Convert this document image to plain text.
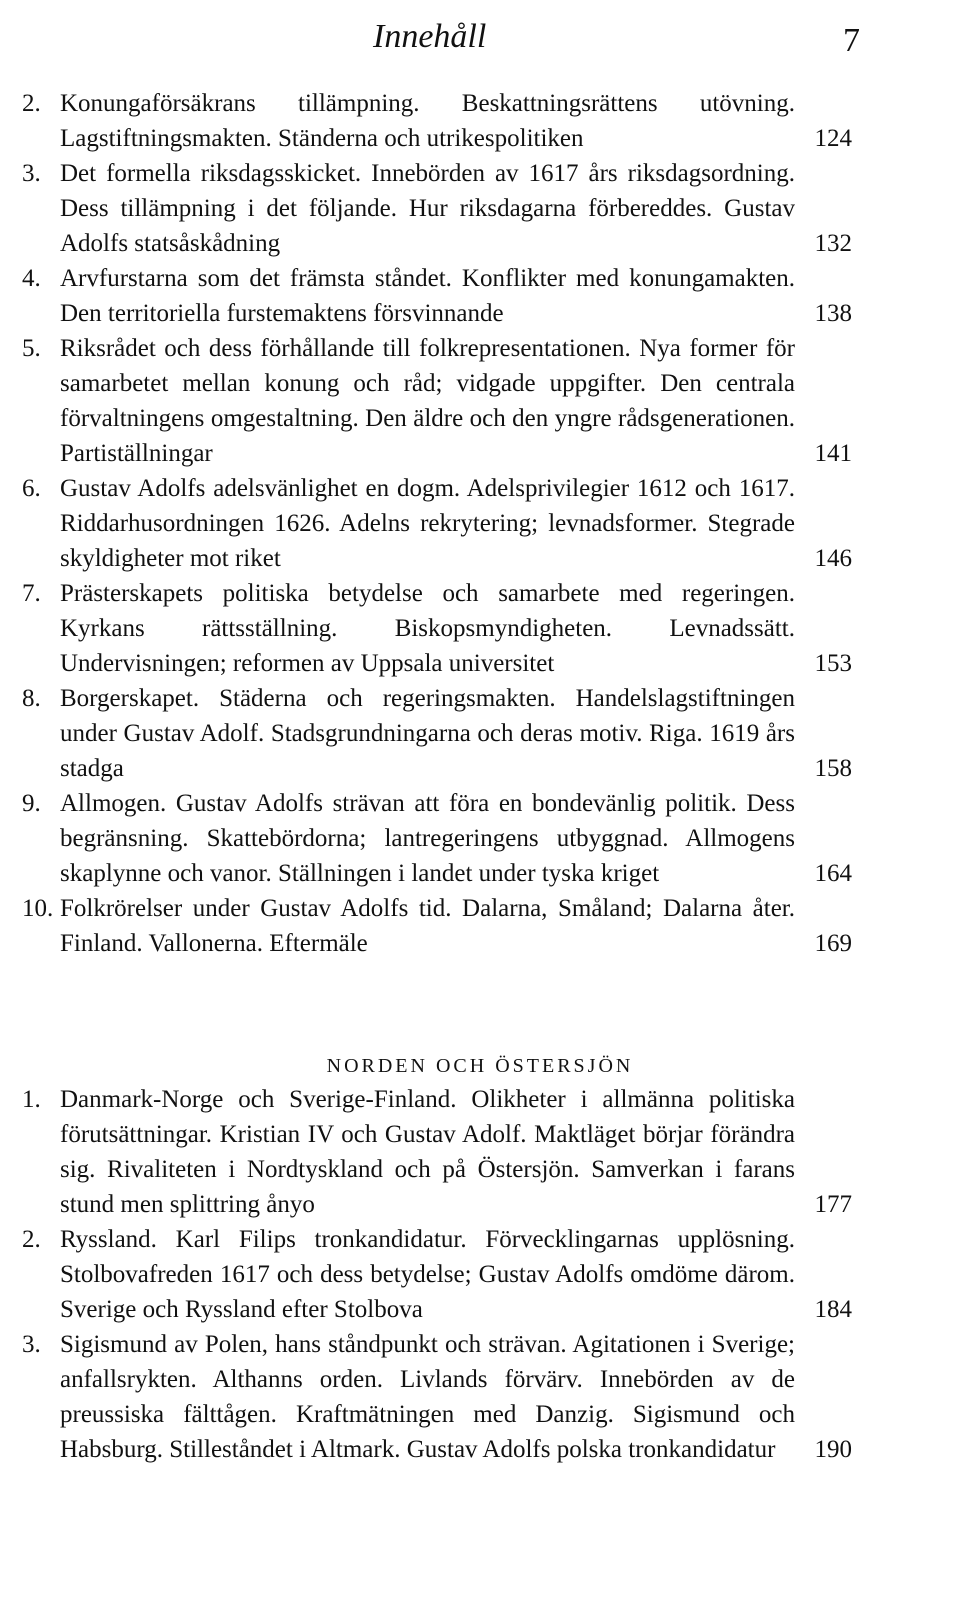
Innehåll	7
2. Konungaförsäkrans tillämpning. Beskattningsrättens utövning. Lagstiftningsmakten. Ständerna och utrikespolitiken	124
3. Det formella riksdagsskicket. Innebörden av 1617 års riksdagsordning. Dess tillämpning i det följande. Hur riksdagarna förbereddes. Gustav Adolfs statsåskådning	132
4. Arvfurstarna som det främsta ståndet. Konflikter med konungamakten. Den territoriella furstemaktens försvinnande	138
5. Riksrådet och dess förhållande till folkrepresentationen. Nya former för samarbetet mellan konung och råd; vidgade uppgifter. Den centrala förvaltningens omgestaltning. Den äldre och den yngre rådsgenerationen. Partiställningar	141
6. Gustav Adolfs adelsvänlighet en dogm. Adelsprivilegier 1612 och 1617. Riddarhusordningen 1626. Adelns rekrytering; levnadsformer. Stegrade skyldigheter mot riket	146
7. Prästerskapets politiska betydelse och samarbete med regeringen. Kyrkans rättsställning. Biskopsmyndigheten. Levnadssätt. Undervisningen; reformen av Uppsala universitet	153
8. Borgerskapet. Städerna och regeringsmakten. Handelslagstiftningen under Gustav Adolf. Stadsgrundningarna och deras motiv. Riga. 1619 års stadga	158
9. Allmogen. Gustav Adolfs strävan att föra en bondevänlig politik. Dess begränsning. Skattebördorna; lantregeringens utbyggnad. Allmogens skaplynne och vanor. Ställningen i landet under tyska kriget	164
10. Folkrörelser under Gustav Adolfs tid. Dalarna, Småland; Dalarna åter. Finland. Vallonerna. Eftermäle	169
NORDEN OCH ÖSTERSJÖN
1. Danmark-Norge och Sverige-Finland. Olikheter i allmänna politiska förutsättningar. Kristian IV och Gustav Adolf. Maktläget börjar förändra sig. Rivaliteten i Nordtyskland och på Östersjön. Samverkan i farans stund men splittring ånyo	177
2. Ryssland. Karl Filips tronkandidatur. Förvecklingarnas upplösning. Stolbovafreden 1617 och dess betydelse; Gustav Adolfs omdöme därom. Sverige och Ryssland efter Stolbova	184
3. Sigismund av Polen, hans ståndpunkt och strävan. Agitationen i Sverige; anfallsrykten. Althanns orden. Livlands förvärv. Innebörden av de preussiska fälttågen. Kraftmätningen med Danzig. Sigismund och Habsburg. Stilleståndet i Altmark. Gustav Adolfs polska tronkandidatur	190
